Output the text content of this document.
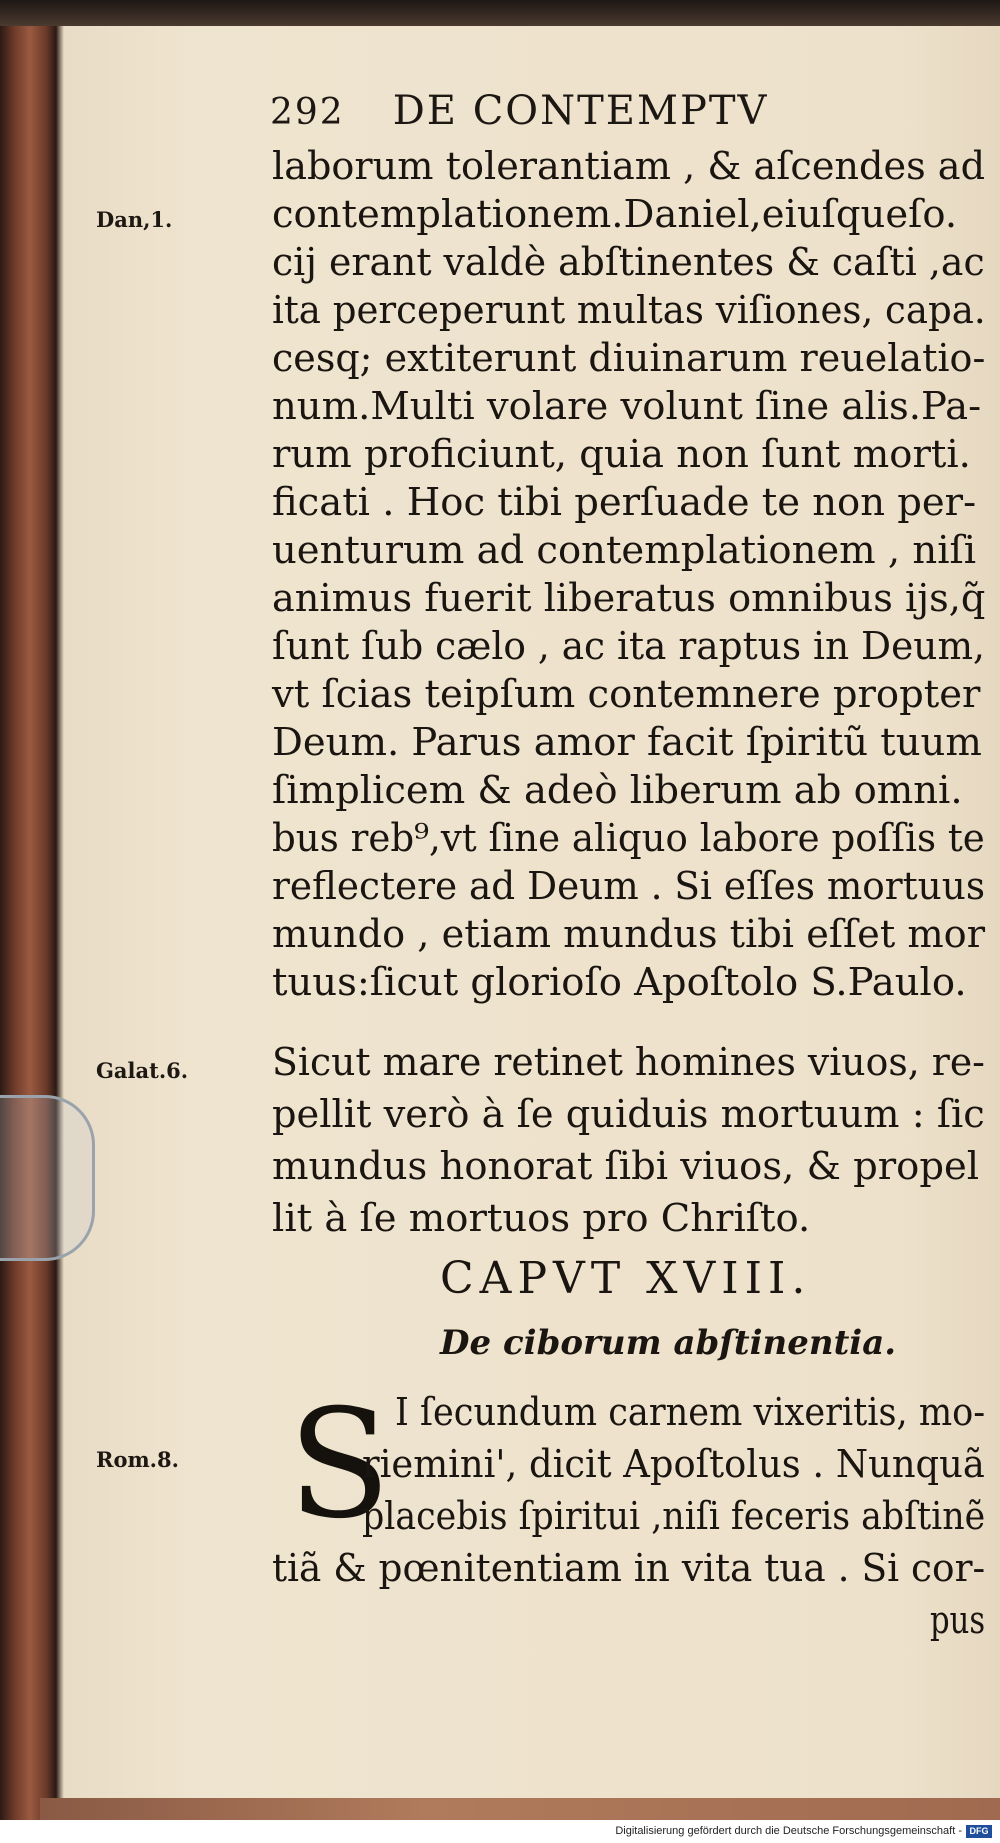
292 DE CONTEMPTV
Dan,1.
Galat.6.
Rom.8.
laborum tolerantiam , & aſcendes ad
contemplationem.Daniel,eiuſqueſo.
cij erant valdè abſtinentes & caſti ,ac
ita perceperunt multas viſiones, capa.
cesq; extiterunt diuinarum reuelatio-
num.Multi volare volunt ſine alis.Pa-
rum proficiunt, quia non ſunt morti.
ficati . Hoc tibi perſuade te non per-
uenturum ad contemplationem , niſi
animus fuerit liberatus omnibus ijs,q̃
ſunt ſub cælo , ac ita raptus in Deum,
vt ſcias teipſum contemnere propter
Deum. Parus amor facit ſpiritũ tuum
ſimplicem & adeò liberum ab omni.
bus reb⁹,vt ſine aliquo labore poſſis te
reflectere ad Deum . Si eſſes mortuus
mundo , etiam mundus tibi eſſet mor
tuus:ſicut glorioſo Apoſtolo S.Paulo.
Sicut mare retinet homines viuos, re-
pellit verò à ſe quiduis mortuum : ſic
mundus honorat ſibi viuos, & propel
lit à ſe mortuos pro Chriſto.
CAPVT XVIII.
De ciborum abſtinentia.
S I ſecundum carnem vixeritis, mo-
riemini', dicit Apoſtolus . Nunquã
placebis ſpiritui ,niſi feceris abſtinẽ
tiã & pœnitentiam in vita tua . Si cor-
pus
Digitalisierung gefördert durch die Deutsche Forschungsgemeinschaft - DFG
